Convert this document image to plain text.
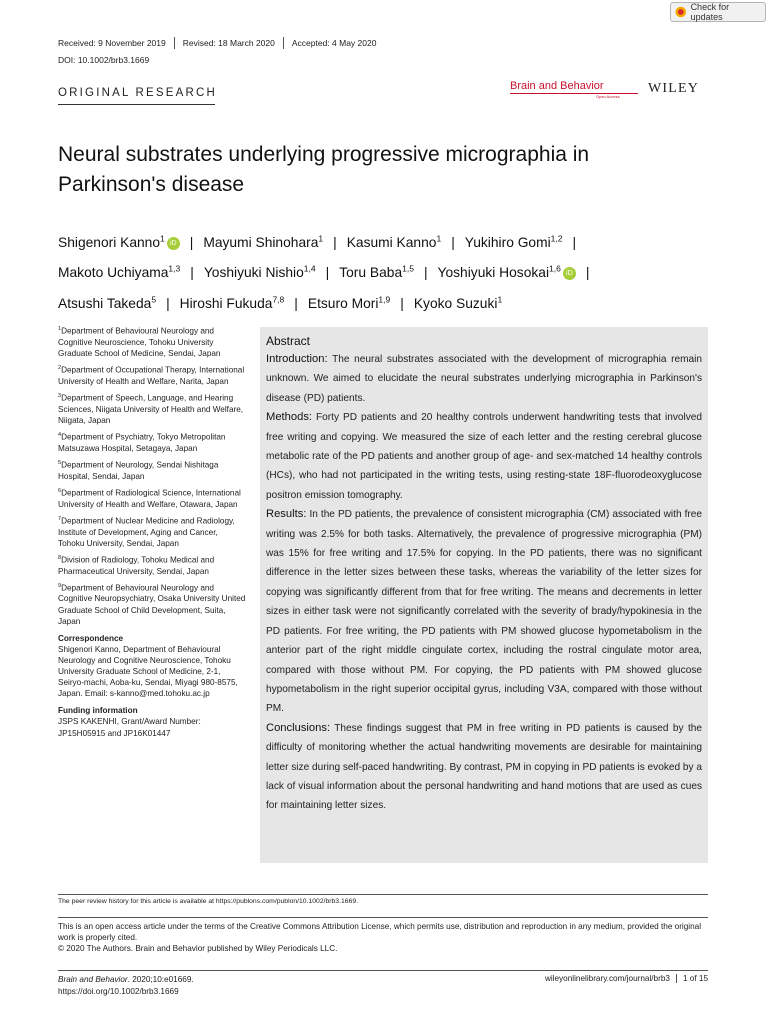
Check for updates
Received: 9 November 2019	Revised: 18 March 2020	Accepted: 4 May 2020
DOI: 10.1002/brb3.1669
ORIGINAL RESEARCH
Brain and Behavior
Open Access
WILEY
Neural substrates underlying progressive micrographia in Parkinson's disease
Shigenori Kanno$^1$iD | Mayumi Shinohara$^1$ | Kasumi Kanno$^1$ | Yukihiro Gomi$^{1,2}$ |
Makoto Uchiyama$^{1,3}$ | Yoshiyuki Nishio$^{1,4}$ | Toru Baba$^{1,5}$ | Yoshiyuki Hosokai$^{1,6}$iD |
Atsushi Takeda$^5$ | Hiroshi Fukuda$^{7,8}$ | Etsuro Mori$^{1,9}$ | Kyoko Suzuki$^1$
$^1$Department of Behavioural Neurology and Cognitive Neuroscience, Tohoku University Graduate School of Medicine, Sendai, Japan
$^2$Department of Occupational Therapy, International University of Health and Welfare, Narita, Japan
$^3$Department of Speech, Language, and Hearing Sciences, Niigata University of Health and Welfare, Niigata, Japan
$^4$Department of Psychiatry, Tokyo Metropolitan Matsuzawa Hospital, Setagaya, Japan
$^5$Department of Neurology, Sendai Nishitaga Hospital, Sendai, Japan
$^6$Department of Radiological Science, International University of Health and Welfare, Otawara, Japan
$^7$Department of Nuclear Medicine and Radiology, Institute of Development, Aging and Cancer, Tohoku University, Sendai, Japan
$^8$Division of Radiology, Tohoku Medical and Pharmaceutical University, Sendai, Japan
$^9$Department of Behavioural Neurology and Cognitive Neuropsychiatry, Osaka University United Graduate School of Child Development, Suita, Japan
Correspondence
Shigenori Kanno, Department of Behavioural Neurology and Cognitive Neuroscience, Tohoku University Graduate School of Medicine, 2-1, Seiryo-machi, Aoba-ku, Sendai, Miyagi 980-8575, Japan. Email: s-kanno@med.tohoku.ac.jp
Funding information
JSPS KAKENHI, Grant/Award Number: JP15H05915 and JP16K01447
Abstract

Introduction: The neural substrates associated with the development of micrographia remain unknown. We aimed to elucidate the neural substrates underlying micrographia in Parkinson's disease (PD) patients.

Methods: Forty PD patients and 20 healthy controls underwent handwriting tests that involved free writing and copying. We measured the size of each letter and the resting cerebral glucose metabolic rate of the PD patients and another group of age- and sex-matched 14 healthy controls (HCs), who had not participated in the writing tests, using resting-state 18F-fluorodeoxyglucose positron emission tomography.

Results: In the PD patients, the prevalence of consistent micrographia (CM) associated with free writing was 2.5% for both tasks. Alternatively, the prevalence of progressive micrographia (PM) was 15% for free writing and 17.5% for copying. In the PD patients, there was no significant difference in the letter sizes between these tasks, whereas the variability of the letter sizes for copying was significantly different from that for free writing. The means and decrements in letter sizes in either task were not significantly correlated with the severity of brady/hypokinesia in the PD patients. For free writing, the PD patients with PM showed glucose hypometabolism in the anterior part of the right middle cingulate cortex, including the rostral cingulate motor area, compared with those without PM. For copying, the PD patients with PM showed glucose hypometabolism in the right superior occipital gyrus, including V3A, compared with those without PM.

Conclusions: These findings suggest that PM in free writing in PD patients is caused by the difficulty of monitoring whether the actual handwriting movements are desirable for maintaining letter size during self-paced handwriting. By contrast, PM in copying in PD patients is evoked by a lack of visual information about the personal handwriting and hand motions that are used as cues for maintaining letter sizes.

The peer review history for this article is available at https://publons.com/publon/10.1002/brb3.1669.
This is an open access article under the terms of the Creative Commons Attribution License, which permits use, distribution and reproduction in any medium, provided the original work is properly cited.
© 2020 The Authors. Brain and Behavior published by Wiley Periodicals LLC.
Brain and Behavior. 2020;10:e01669.
https://doi.org/10.1002/brb3.1669
wileyonlinelibrary.com/journal/brb3	1 of 15
